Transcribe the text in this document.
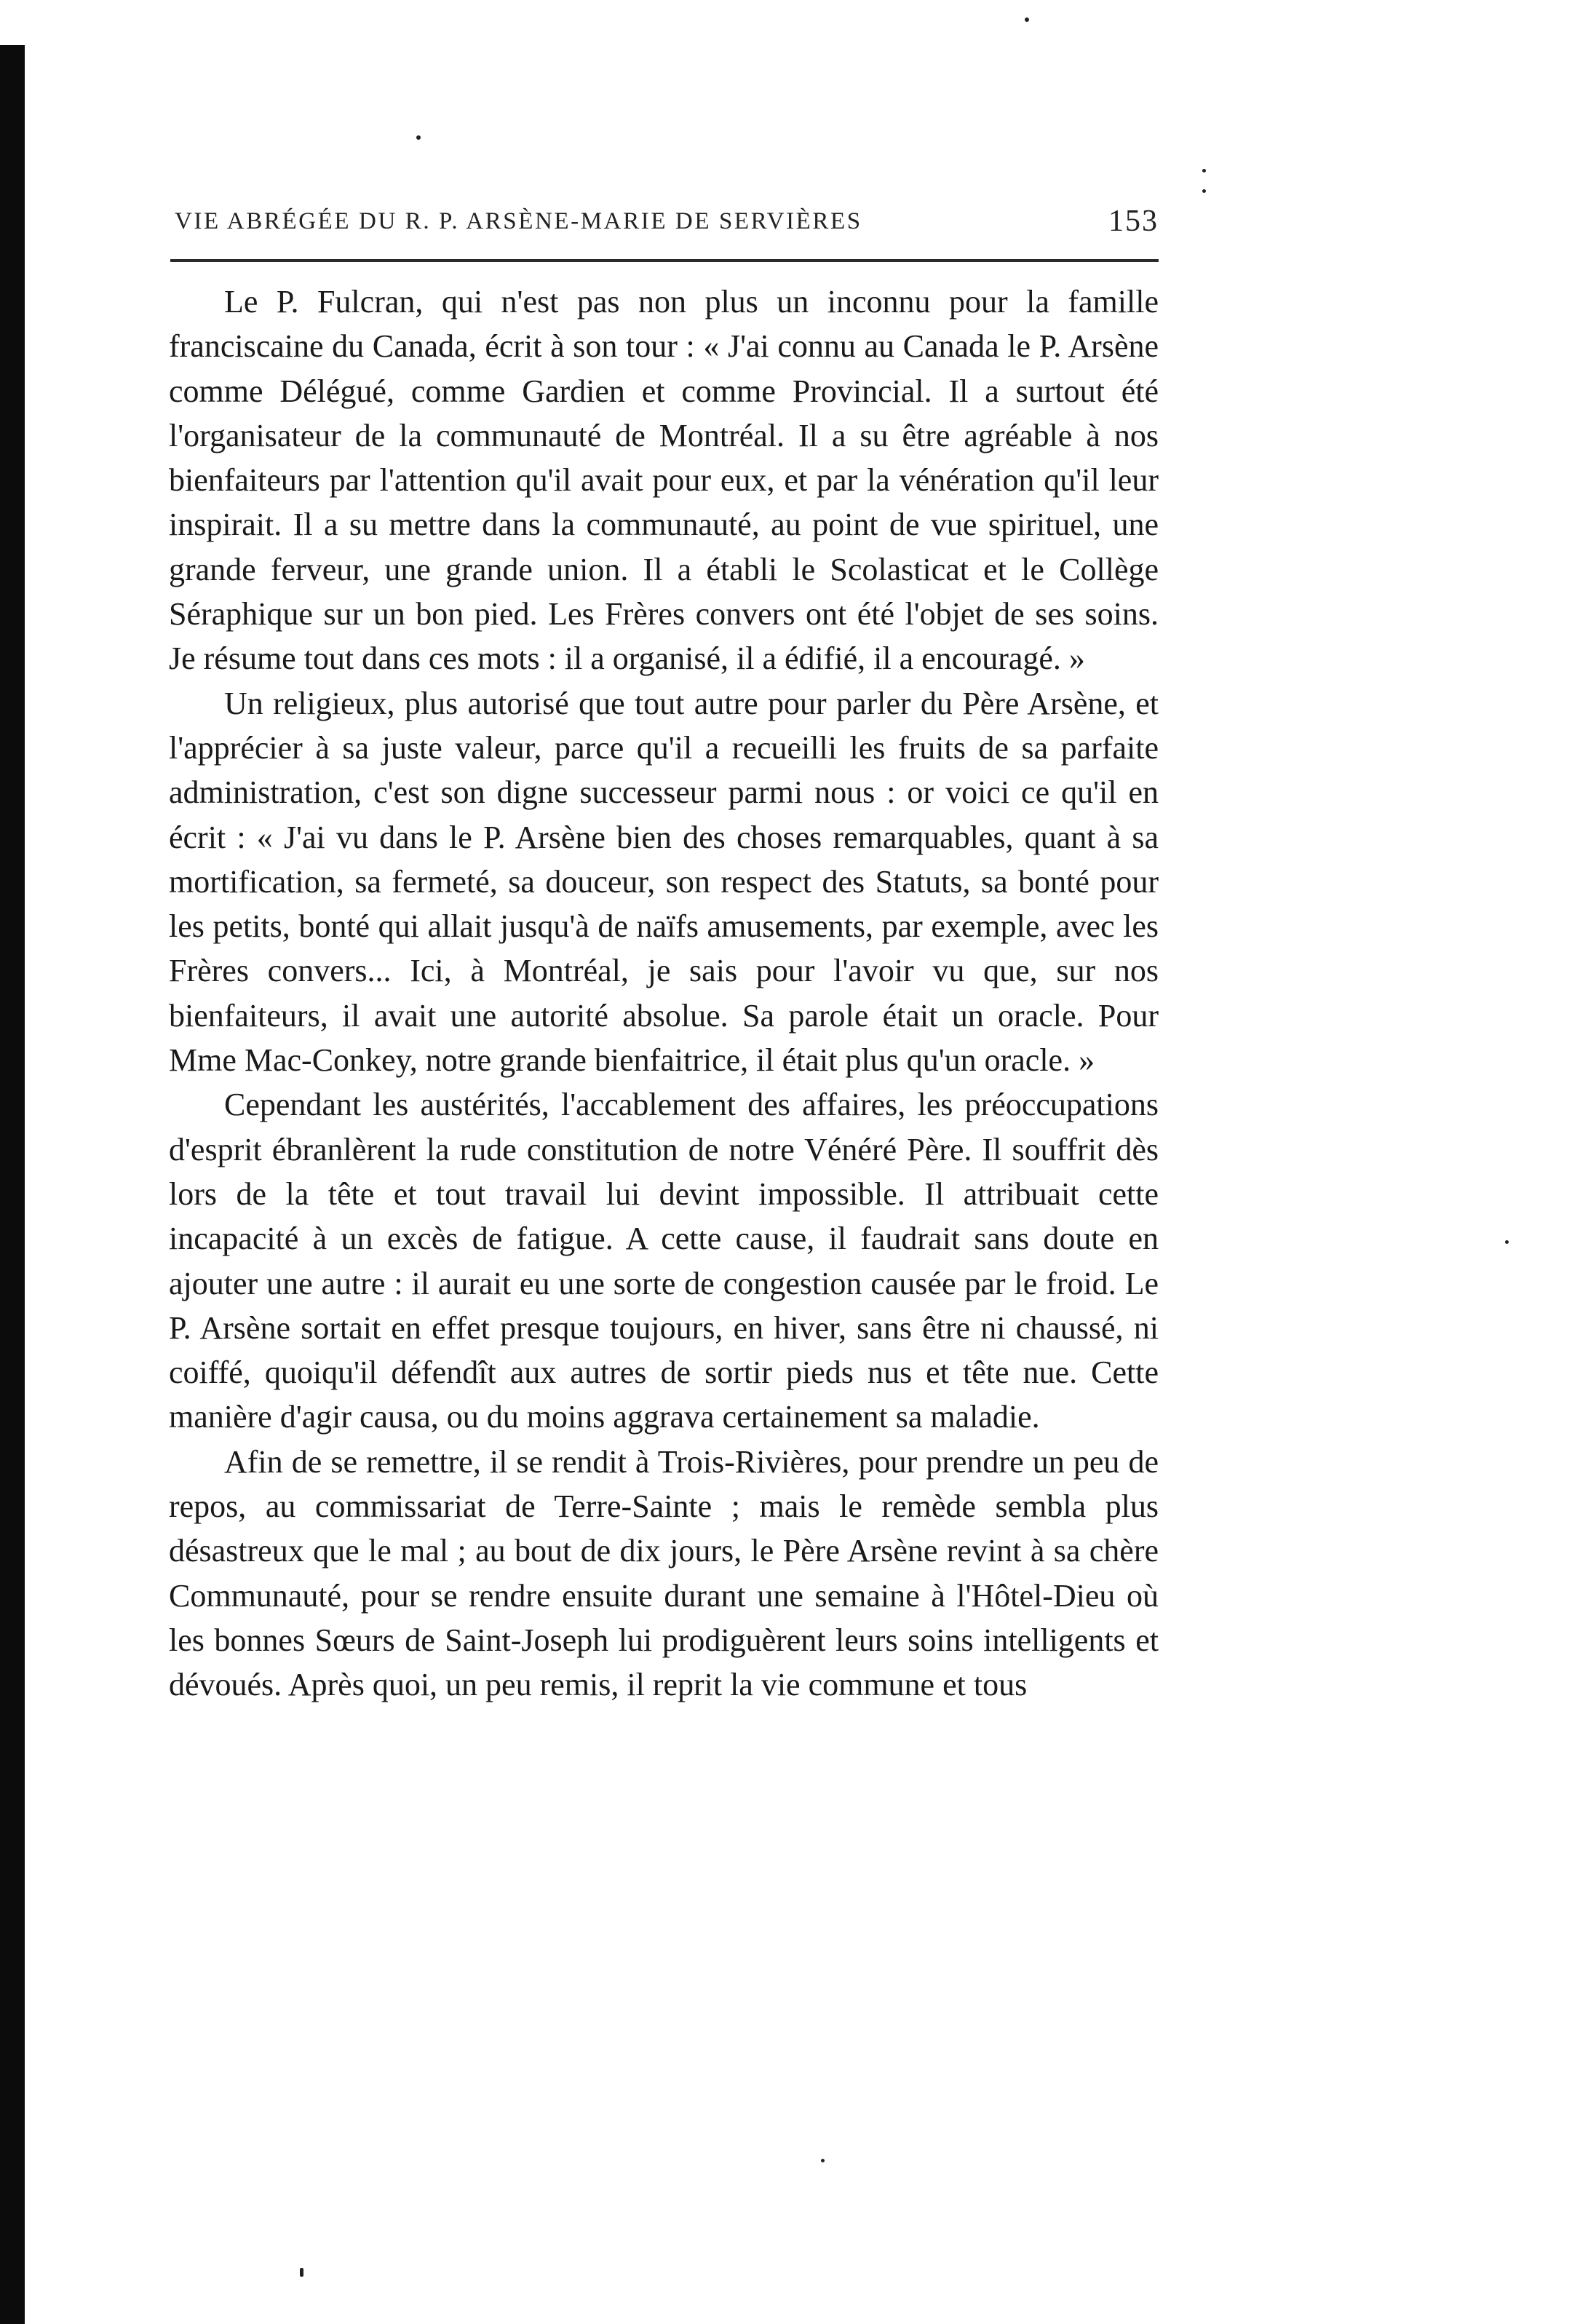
VIE ABRÉGÉE DU R. P. ARSÈNE-MARIE DE SERVIÈRES	153

Le P. Fulcran, qui n'est pas non plus un inconnu pour la famille franciscaine du Canada, écrit à son tour : « J'ai connu au Canada le P. Arsène comme Délégué, comme Gardien et comme Provincial. Il a surtout été l'organisateur de la communauté de Montréal. Il a su être agréable à nos bienfaiteurs par l'attention qu'il avait pour eux, et par la vénération qu'il leur inspirait. Il a su mettre dans la communauté, au point de vue spirituel, une grande ferveur, une grande union. Il a établi le Scolasticat et le Collège Séraphique sur un bon pied. Les Frères convers ont été l'objet de ses soins. Je résume tout dans ces mots : il a organisé, il a édifié, il a encouragé. »

Un religieux, plus autorisé que tout autre pour parler du Père Arsène, et l'apprécier à sa juste valeur, parce qu'il a recueilli les fruits de sa parfaite administration, c'est son digne successeur parmi nous : or voici ce qu'il en écrit : « J'ai vu dans le P. Arsène bien des choses remarquables, quant à sa mortification, sa fermeté, sa douceur, son respect des Statuts, sa bonté pour les petits, bonté qui allait jusqu'à de naïfs amusements, par exemple, avec les Frères convers... Ici, à Montréal, je sais pour l'avoir vu que, sur nos bienfaiteurs, il avait une autorité absolue. Sa parole était un oracle. Pour Mme Mac-Conkey, notre grande bienfaitrice, il était plus qu'un oracle. »

Cependant les austérités, l'accablement des affaires, les préoccupations d'esprit ébranlèrent la rude constitution de notre Vénéré Père. Il souffrit dès lors de la tête et tout travail lui devint impossible. Il attribuait cette incapacité à un excès de fatigue. A cette cause, il faudrait sans doute en ajouter une autre : il aurait eu une sorte de congestion causée par le froid. Le P. Arsène sortait en effet presque toujours, en hiver, sans être ni chaussé, ni coiffé, quoiqu'il défendît aux autres de sortir pieds nus et tête nue. Cette manière d'agir causa, ou du moins aggrava certainement sa maladie.

Afin de se remettre, il se rendit à Trois-Rivières, pour prendre un peu de repos, au commissariat de Terre-Sainte ; mais le remède sembla plus désastreux que le mal ; au bout de dix jours, le Père Arsène revint à sa chère Communauté, pour se rendre ensuite durant une semaine à l'Hôtel-Dieu où les bonnes Sœurs de Saint-Joseph lui prodiguèrent leurs soins intelligents et dévoués. Après quoi, un peu remis, il reprit la vie commune et tous
